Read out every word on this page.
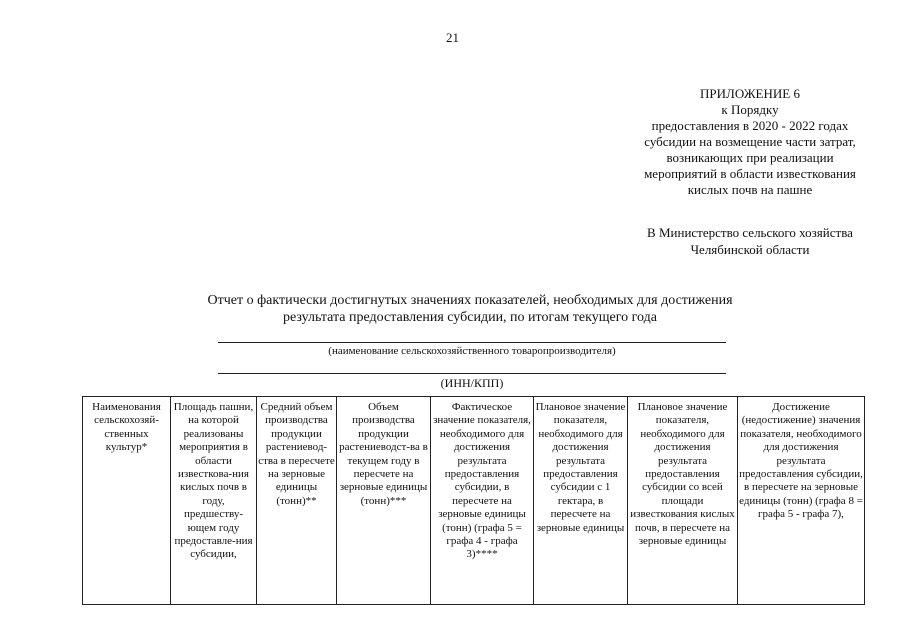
21
ПРИЛОЖЕНИЕ 6
к Порядку
предоставления в 2020 - 2022 годах
субсидии на возмещение части затрат,
возникающих при реализации
мероприятий в области известкования
кислых почв на пашне
В Министерство сельского хозяйства
Челябинской области
Отчет о фактически достигнутых значениях показателей, необходимых для достижения
результата предоставления субсидии, по итогам текущего года
(наименование сельскохозяйственного товаропроизводителя)
(ИНН/КПП)
Наименования сельскохозяй-ственных культур*	Площадь пашни, на которой реализованы мероприятия в области известкова-ния кислых почв в году, предшеству-ющем году предоставле-ния субсидии,	Средний объем производства продукции растениевод-ства в пересчете на зерновые единицы (тонн)**	Объем производства продукции растениеводст-ва в текущем году в пересчете на зерновые единицы (тонн)***	Фактическое значение показателя, необходимого для достижения результата предоставления субсидии, в пересчете на зерновые единицы (тонн) (графа 5 = графа 4 - графа 3)****	Плановое значение показателя, необходимого для достижения результата предоставления субсидии с 1 гектара, в пересчете на зерновые единицы	Плановое значение показателя, необходимого для достижения результата предоставления субсидии со всей площади известкования кислых почв, в пересчете на зерновые единицы	Достижение (недостижение) значения показателя, необходимого для достижения результата предоставления субсидии, в пересчете на зерновые единицы (тонн) (графа 8 = графа 5 - графа 7),
